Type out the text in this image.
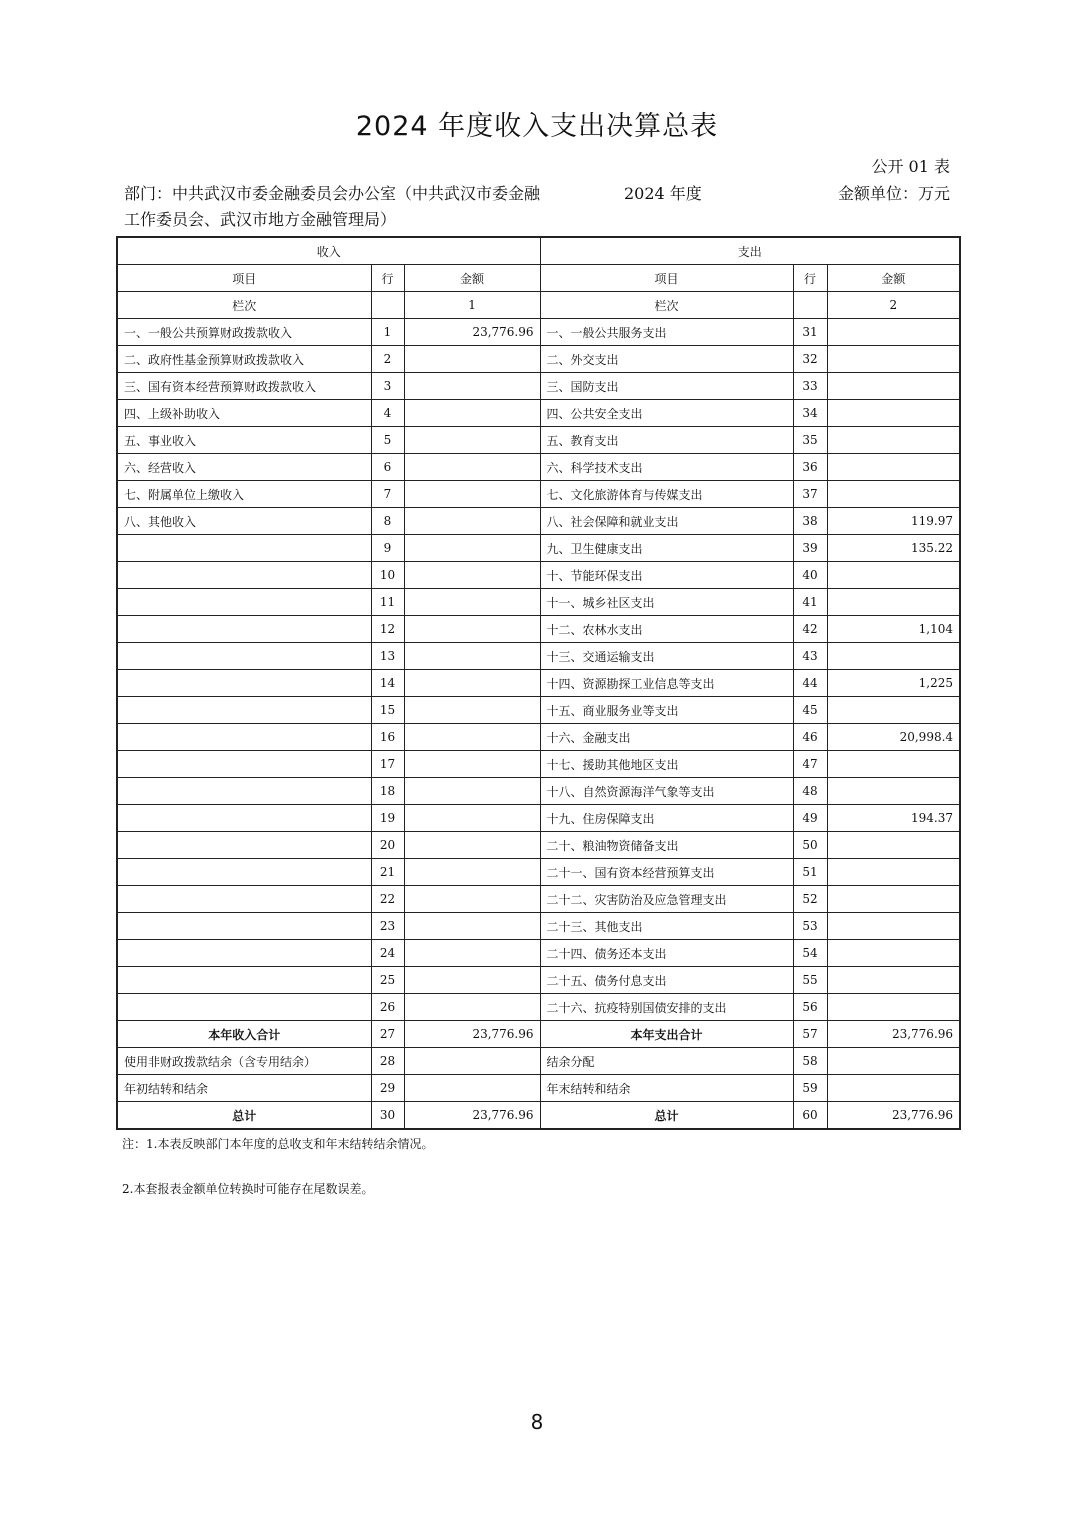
2024 年度收入支出决算总表
公开 01 表
部门：中共武汉市委金融委员会办公室（中共武汉市委金融工作委员会、武汉市地方金融管理局）
2024 年度	金额单位：万元
收入			支出		
项目	行	金额	项目	行	金额
栏次		1	栏次		2
一、一般公共预算财政拨款收入	1	23,776.96	一、一般公共服务支出	31	
二、政府性基金预算财政拨款收入	2		二、外交支出	32	
三、国有资本经营预算财政拨款收入	3		三、国防支出	33	
四、上级补助收入	4		四、公共安全支出	34	
五、事业收入	5		五、教育支出	35	
六、经营收入	6		六、科学技术支出	36	
七、附属单位上缴收入	7		七、文化旅游体育与传媒支出	37	
八、其他收入	8		八、社会保障和就业支出	38	119.97
	9		九、卫生健康支出	39	135.22
	10		十、节能环保支出	40	
	11		十一、城乡社区支出	41	
	12		十二、农林水支出	42	1,104
	13		十三、交通运输支出	43	
	14		十四、资源勘探工业信息等支出	44	1,225
	15		十五、商业服务业等支出	45	
	16		十六、金融支出	46	20,998.4
	17		十七、援助其他地区支出	47	
	18		十八、自然资源海洋气象等支出	48	
	19		十九、住房保障支出	49	194.37
	20		二十、粮油物资储备支出	50	
	21		二十一、国有资本经营预算支出	51	
	22		二十二、灾害防治及应急管理支出	52	
	23		二十三、其他支出	53	
	24		二十四、债务还本支出	54	
	25		二十五、债务付息支出	55	
	26		二十六、抗疫特别国债安排的支出	56	
本年收入合计	27	23,776.96	本年支出合计	57	23,776.96
使用非财政拨款结余（含专用结余）	28		结余分配	58	
年初结转和结余	29		年末结转和结余	59	
总计	30	23,776.96	总计	60	23,776.96
注：1.本表反映部门本年度的总收支和年末结转结余情况。
2.本套报表金额单位转换时可能存在尾数误差。
8
